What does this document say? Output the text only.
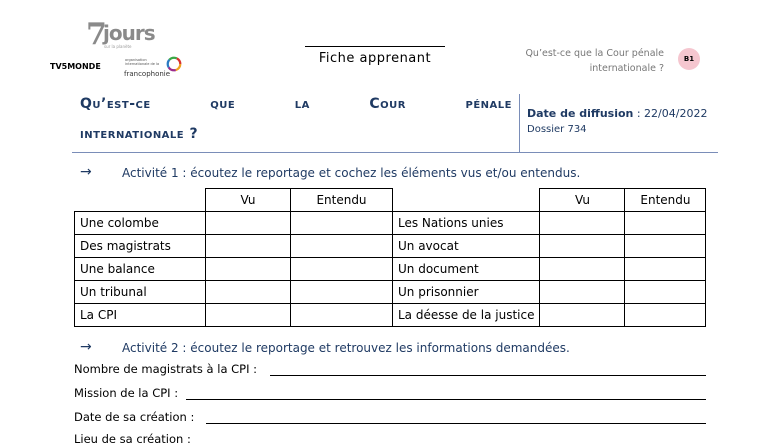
7
jours
sur la planète
TV5MONDE
organisation internationale de la
francophonie
Fiche apprenant	Qu’est-ce que la Cour pénale
internationale ?
B1
Qu’est-ce	que	la	Cour	pénale
internationale ?
Date de diffusion : 22/04/2022
Dossier 734
→	Activité 1 : écoutez le reportage et cochez les éléments vus et/ou entendus.
	Vu	Entendu		Vu	Entendu
Une colombe			Les Nations unies		
Des magistrats			Un avocat		
Une balance			Un document		
Un tribunal			Un prisonnier		
La CPI			La déesse de la justice		
→	Activité 2 : écoutez le reportage et retrouvez les informations demandées.
Nombre de magistrats à la CPI :
Mission de la CPI :
Date de sa création :
Lieu de sa création :
